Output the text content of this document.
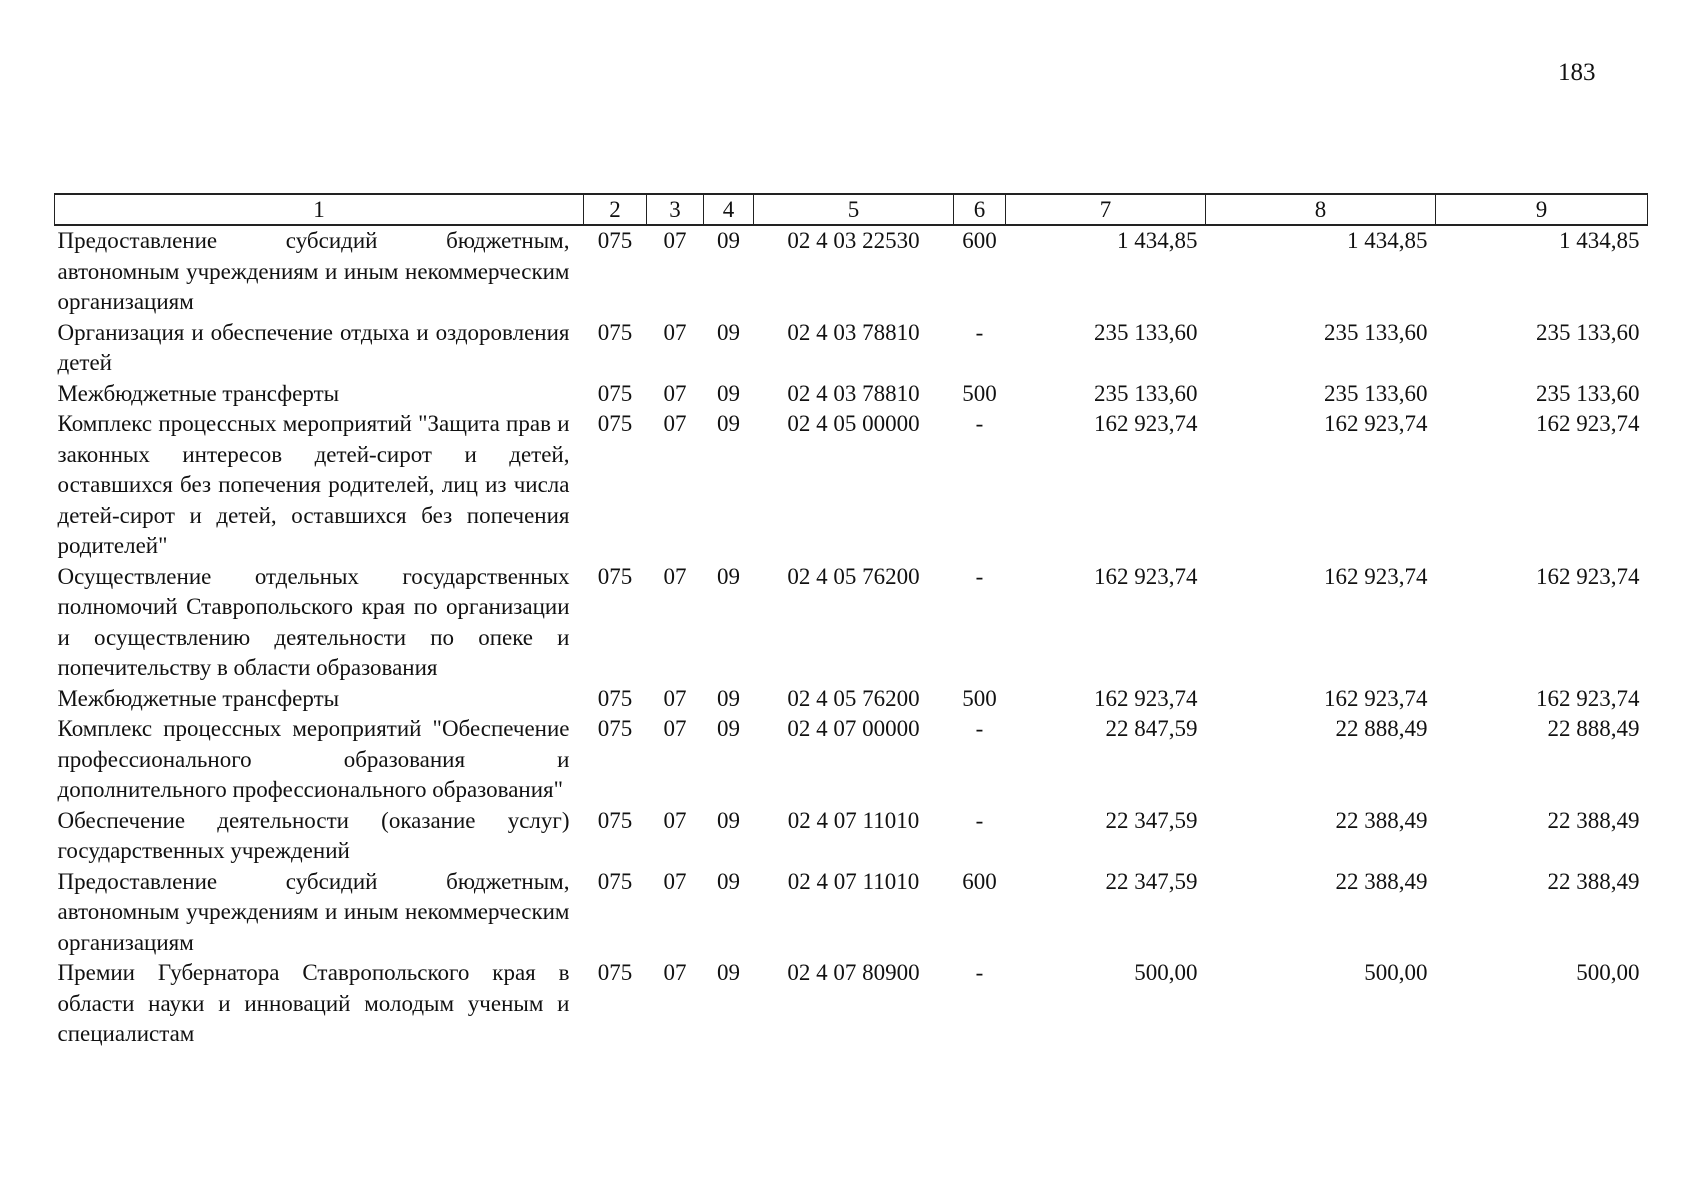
183
1	2	3	4	5	6	7	8	9
Предоставление субсидий бюджетным, автономным учреждениям и иным некоммерческим организациям	075	07	09	02 4 03 22530	600	1 434,85	1 434,85	1 434,85
Организация и обеспечение отдыха и оздоровления детей	075	07	09	02 4 03 78810	-	235 133,60	235 133,60	235 133,60
Межбюджетные трансферты	075	07	09	02 4 03 78810	500	235 133,60	235 133,60	235 133,60
Комплекс процессных мероприятий "Защита прав и законных интересов детей-сирот и детей, оставшихся без попечения родителей, лиц из числа детей-сирот и детей, оставшихся без попечения родителей"	075	07	09	02 4 05 00000	-	162 923,74	162 923,74	162 923,74
Осуществление отдельных государственных полномочий Ставропольского края по организации и осуществлению деятельности по опеке и попечительству в области образования	075	07	09	02 4 05 76200	-	162 923,74	162 923,74	162 923,74
Межбюджетные трансферты	075	07	09	02 4 05 76200	500	162 923,74	162 923,74	162 923,74
Комплекс процессных мероприятий "Обеспечение профессионального образования и дополнительного профессионального образования"	075	07	09	02 4 07 00000	-	22 847,59	22 888,49	22 888,49
Обеспечение деятельности (оказание услуг) государственных учреждений	075	07	09	02 4 07 11010	-	22 347,59	22 388,49	22 388,49
Предоставление субсидий бюджетным, автономным учреждениям и иным некоммерческим организациям	075	07	09	02 4 07 11010	600	22 347,59	22 388,49	22 388,49
Премии Губернатора Ставропольского края в области науки и инноваций молодым ученым и специалистам	075	07	09	02 4 07 80900	-	500,00	500,00	500,00
